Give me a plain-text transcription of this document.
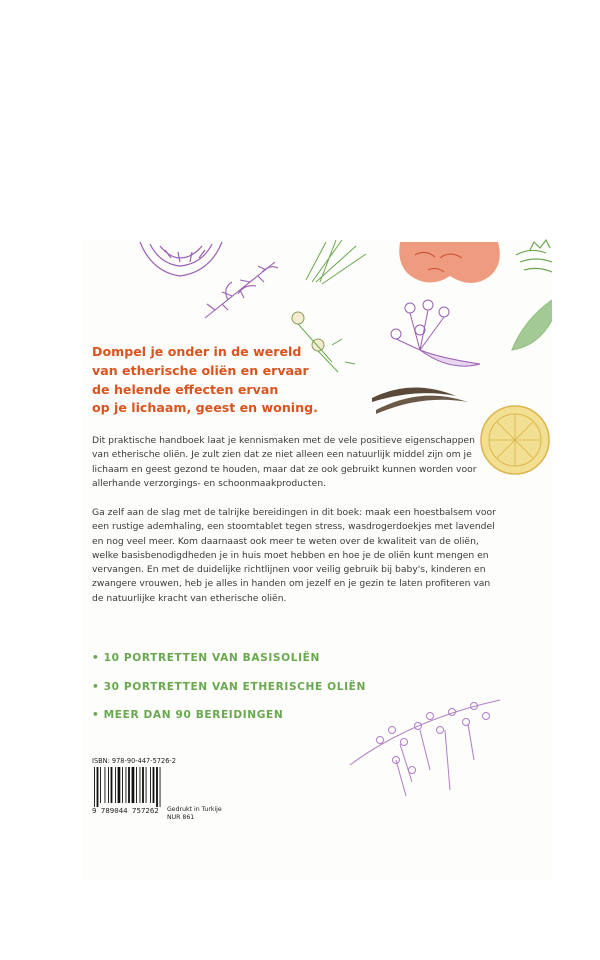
Dompel je onder in de wereld
van etherische oliën en ervaar
de helende effecten ervan
op je lichaam, geest en woning.
Dit praktische handboek laat je kennismaken met de vele positieve eigenschappen
van etherische oliën. Je zult zien dat ze niet alleen een natuurlijk middel zijn om je
lichaam en geest gezond te houden, maar dat ze ook gebruikt kunnen worden voor
allerhande verzorgings- en schoonmaakproducten.
Ga zelf aan de slag met de talrijke bereidingen in dit boek: maak een hoestbalsem voor
een rustige ademhaling, een stoomtablet tegen stress, wasdrogerdoekjes met lavendel
en nog veel meer. Kom daarnaast ook meer te weten over de kwaliteit van de oliën,
welke basisbenodigdheden je in huis moet hebben en hoe je de oliën kunt mengen en
vervangen. En met de duidelijke richtlijnen voor veilig gebruik bij baby's, kinderen en
zwangere vrouwen, heb je alles in handen om jezelf en je gezin te laten profiteren van
de natuurlijke kracht van etherische oliën.
• 10 PORTRETTEN VAN BASISOLIËN
• 30 PORTRETTEN VAN ETHERISCHE OLIËN
• MEER DAN 90 BEREIDINGEN
ISBN: 978-90-447-5726-2
9 789044 757262	Gedrukt in Turkije
NUR 861
